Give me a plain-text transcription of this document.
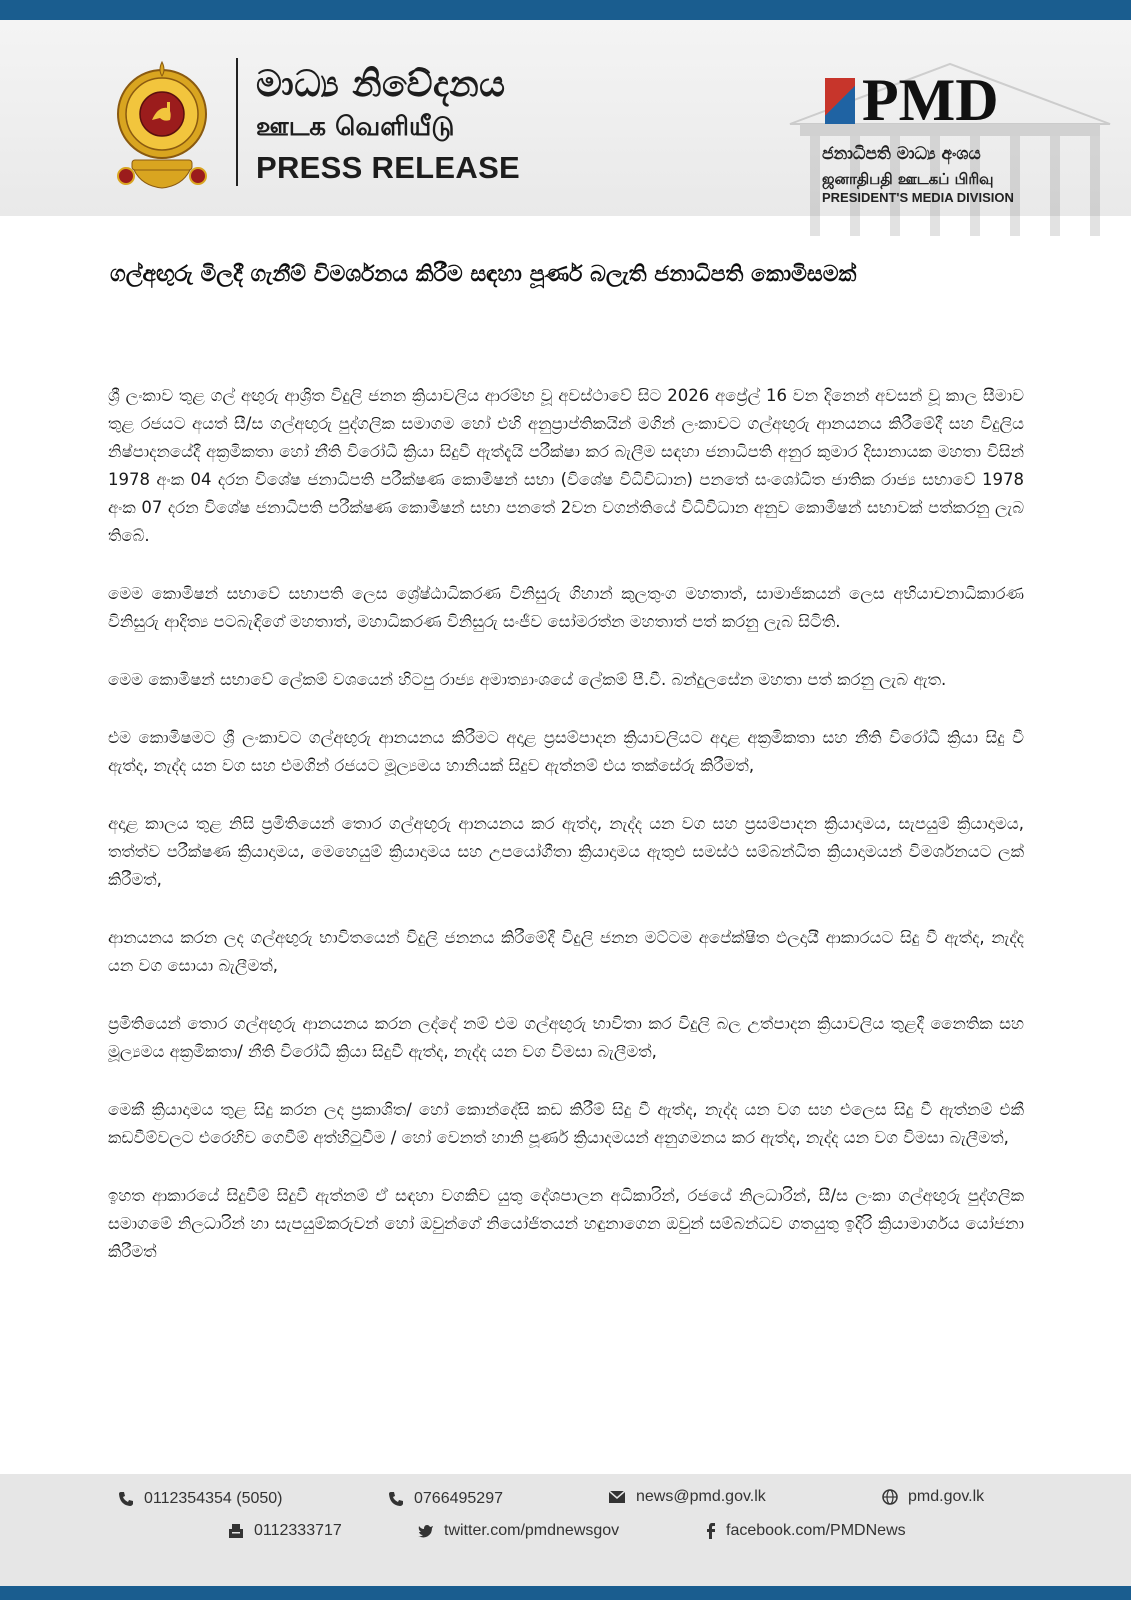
මාධ්‍ය නිවේදනය
ஊடக வெளியீடு
PRESS RELEASE
PMD
ජනාධිපති මාධ්‍ය අංශය
ஜனாதிபதி ஊடகப் பிரிவு
PRESIDENT'S MEDIA DIVISION
ගල්අඟුරු මිලදී ගැනීම් විමර්ශනය කිරීම සඳහා පූර්ණ බලැති ජනාධිපති කොමිසමක්

ශ්‍රී ලංකාව තුළ ගල් අඟුරු ආශ්‍රිත විදුලි ජනන ක්‍රියාවලිය ආරම්භ වූ අවස්ථාවේ සිට 2026 අප්‍රේල් 16 වන දිනෙන් අවසන් වූ කාල සීමාව තුළ රජයට අයත් සී/ස ගල්අඟුරු පුද්ගලික සමාගම හෝ එහි අනුප්‍රාප්තිකයින් මගින් ලංකාවට ගල්අඟුරු ආනයනය කිරීමේදී සහ විදුලිය නිෂ්පාදනයේදී අක්‍රමිකතා හෝ නීති විරෝධී ක්‍රියා සිදුවී ඇත්දැයි පරීක්ෂා කර බැලීම සඳහා ජනාධිපති අනුර කුමාර දිසානායක මහතා විසින් 1978 අංක 04 දරන විශේෂ ජනාධිපති පරීක්ෂණ කොමිෂන් සභා (විශේෂ විධිවිධාන) පනතේ සංශෝධිත ජාතික රාජ්‍ය සභාවේ 1978 අංක 07 දරන විශේෂ ජනාධිපති පරීක්ෂණ කොමිෂන් සභා පනතේ 2වන වගන්තියේ විධිවිධාන අනුව කොමිෂන් සභාවක් පත්කරනු ලැබ තිබේ.

මෙම කොමිෂන් සභාවේ සභාපති ලෙස ශ්‍රේෂ්ඨාධිකරණ විනිසුරු ගිහාන් කුලතුංග මහතාත්, සාමාජිකයන් ලෙස අභියාචනාධිකාරණ විනිසුරු ආදිත්‍ය පටබැඳිගේ මහතාත්, මහාධිකරණ විනිසුරු සංජීව සෝමරත්න මහතාත් පත් කරනු ලැබ සිටිති.

මෙම කොමිෂන් සභාවේ ලේකම් වශයෙන් හිටපු රාජ්‍ය අමාත්‍යාංශයේ ලේකම් පී.වී. බන්දුලසේන මහතා පත් කරනු ලැබ ඇත.

එම කොමිෂමට ශ්‍රී ලංකාවට ගල්අඟුරු ආනයනය කිරීමට අදාළ ප්‍රසම්පාදන ක්‍රියාවලියට අදාළ අක්‍රමිකතා සහ නීති විරෝධී ක්‍රියා සිදු වී ඇත්ද, නැද්ද යන වග සහ එමගින් රජයට මූල්‍යමය හානියක් සිදුව ඇත්නම් එය තක්සේරු කිරීමත්,

අදාළ කාලය තුළ නිසි ප්‍රමිතියෙන් තොර ගල්අඟුරු ආනයනය කර ඇත්ද, නැද්ද යන වග සහ ප්‍රසම්පාදන ක්‍රියාදාමය, සැපයුම් ක්‍රියාදාමය, තත්ත්ව පරීක්ෂණ ක්‍රියාදාමය, මෙහෙයුම් ක්‍රියාදාමය සහ උපයෝගීතා ක්‍රියාදාමය ඇතුළු සමස්ථ සම්බන්ධිත ක්‍රියාදාමයන් විමර්ශනයට ලක් කිරීමත්,

ආනයනය කරන ලද ගල්අඟුරු භාවිතයෙන් විදුලි ජනනය කිරීමේදී විදුලි ජනන මට්ටම අපේක්ෂිත ඵලදායී ආකාරයට සිදු වී ඇත්ද, නැද්ද යන වග සොයා බැලීමත්,

ප්‍රමිතියෙන් තොර ගල්අඟුරු ආනයනය කරන ලද්දේ නම් එම ගල්අඟුරු භාවිතා කර විදුලි බල උත්පාදන ක්‍රියාවලිය තුළදී නෛතික සහ මූල්‍යමය අක්‍රමිකතා/ නීති විරෝධී ක්‍රියා සිදුවී ඇත්ද, නැද්ද යන වග විමසා බැලීමත්,

මෙකී ක්‍රියාදාමය තුළ සිදු කරන ලද ප්‍රකාශිත/ හෝ කොන්දේසි කඩ කිරීම් සිදු වී ඇත්ද, නැද්ද යන වග සහ එලෙස සිදු වී ඇත්නම් එකී කඩවීම්වලට එරෙහිව ගෙවීම් අත්හිටුවීම / හෝ වෙනත් හානි පූර්ණ ක්‍රියාදමයන් අනුගමනය කර ඇත්ද, නැද්ද යන වග විමසා බැලීමත්,

ඉහත ආකාරයේ සිදුවීම් සිදුවී ඇත්නම් ඒ සඳහා වගකිව යුතු දේශපාලන අධිකාරින්, රජයේ නිලධාරින්, සී/ස ලංකා ගල්අඟුරු පුද්ගලික සමාගමේ නිලධාරින් හා සැපයුම්කරුවන් හෝ ඔවුන්ගේ නියෝජිතයන් හඳුනාගෙන ඔවුන් සම්බන්ධව ගතයුතු ඉදිරි ක්‍රියාමාර්ගය යෝජනා කිරීමත්

0112354354 (5050)	0766495297	news@pmd.gov.lk	pmd.gov.lk
0112333717	twitter.com/pmdnewsgov	facebook.com/PMDNews
